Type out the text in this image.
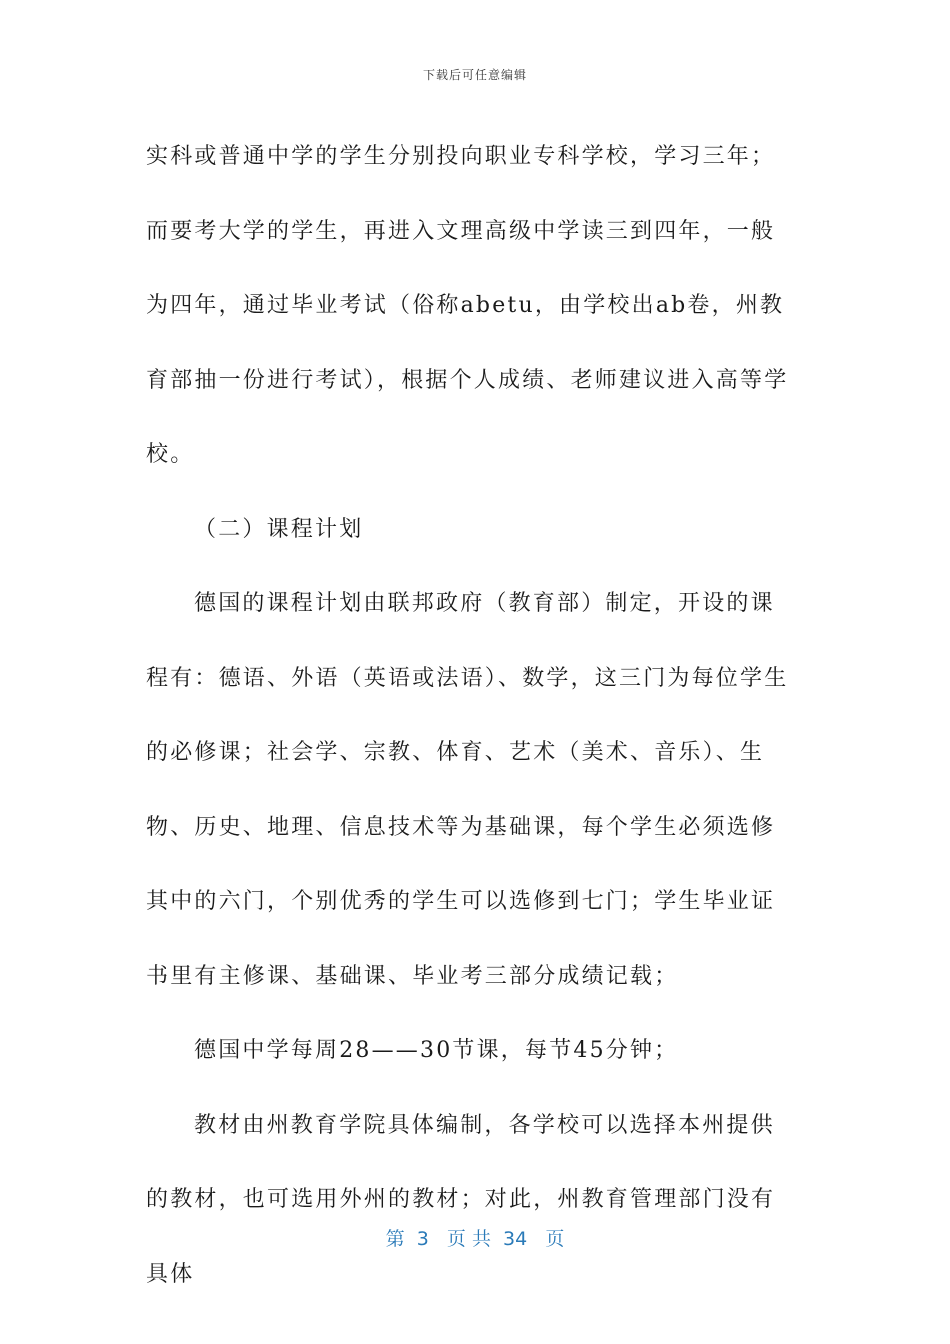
下载后可任意编辑

实科或普通中学的学生分别投向职业专科学校，学习三年；而要考大学的学生，再进入文理高级中学读三到四年，一般为四年，通过毕业考试（俗称abetu，由学校出ab卷，州教育部抽一份进行考试），根据个人成绩、老师建议进入高等学校。

（二）课程计划

德国的课程计划由联邦政府（教育部）制定，开设的课程有：德语、外语（英语或法语）、数学，这三门为每位学生的必修课；社会学、宗教、体育、艺术（美术、音乐）、生物、历史、地理、信息技术等为基础课，每个学生必须选修其中的六门，个别优秀的学生可以选修到七门；学生毕业证书里有主修课、基础课、毕业考三部分成绩记载；

德国中学每周28——30节课，每节45分钟；

教材由州教育学院具体编制，各学校可以选择本州提供的教材，也可选用外州的教材；对此，州教育管理部门没有具体

第  3   页 共  34   页
